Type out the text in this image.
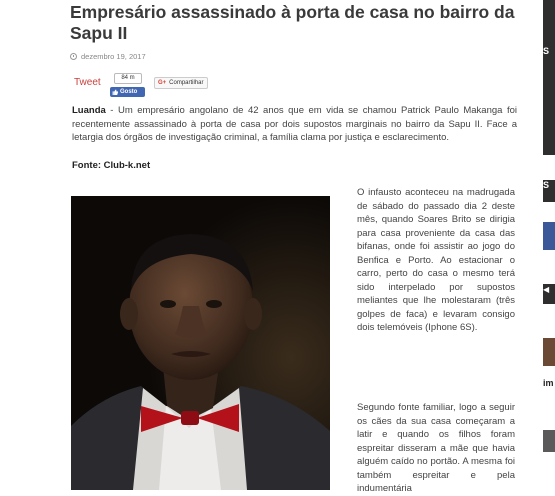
Empresário assassinado à porta de casa no bairro da Sapu II
dezembro 19, 2017
Tweet	84 m
Gosto
G+ Compartilhar

Luanda - Um empresário angolano de 42 anos que em vida se chamou Patrick Paulo Makanga foi recentemente assassinado à porta de casa por dois supostos marginais no bairro da Sapu II. Face a letargia dos órgãos de investigação criminal, a família clama por justiça e esclarecimento.

Fonte: Club-k.net

O infausto aconteceu na madrugada de sábado do passado dia 2 deste mês, quando Soares Brito se dirigia para casa proveniente da casa das bifanas, onde foi assistir ao jogo do Benfica e Porto. Ao estacionar o carro, perto do casa o mesmo terá sido interpelado por supostos meliantes que lhe molestaram (três golpes de faca) e levaram consigo dois telemóveis (Iphone 6S).

Segundo fonte familiar, logo a seguir os cães da sua casa começaram a latir e quando os filhos foram espreitar disseram a mãe que havia alguém caído no portão. A mesma foi também espreitar e pela indumentária

S
S
◀
im
